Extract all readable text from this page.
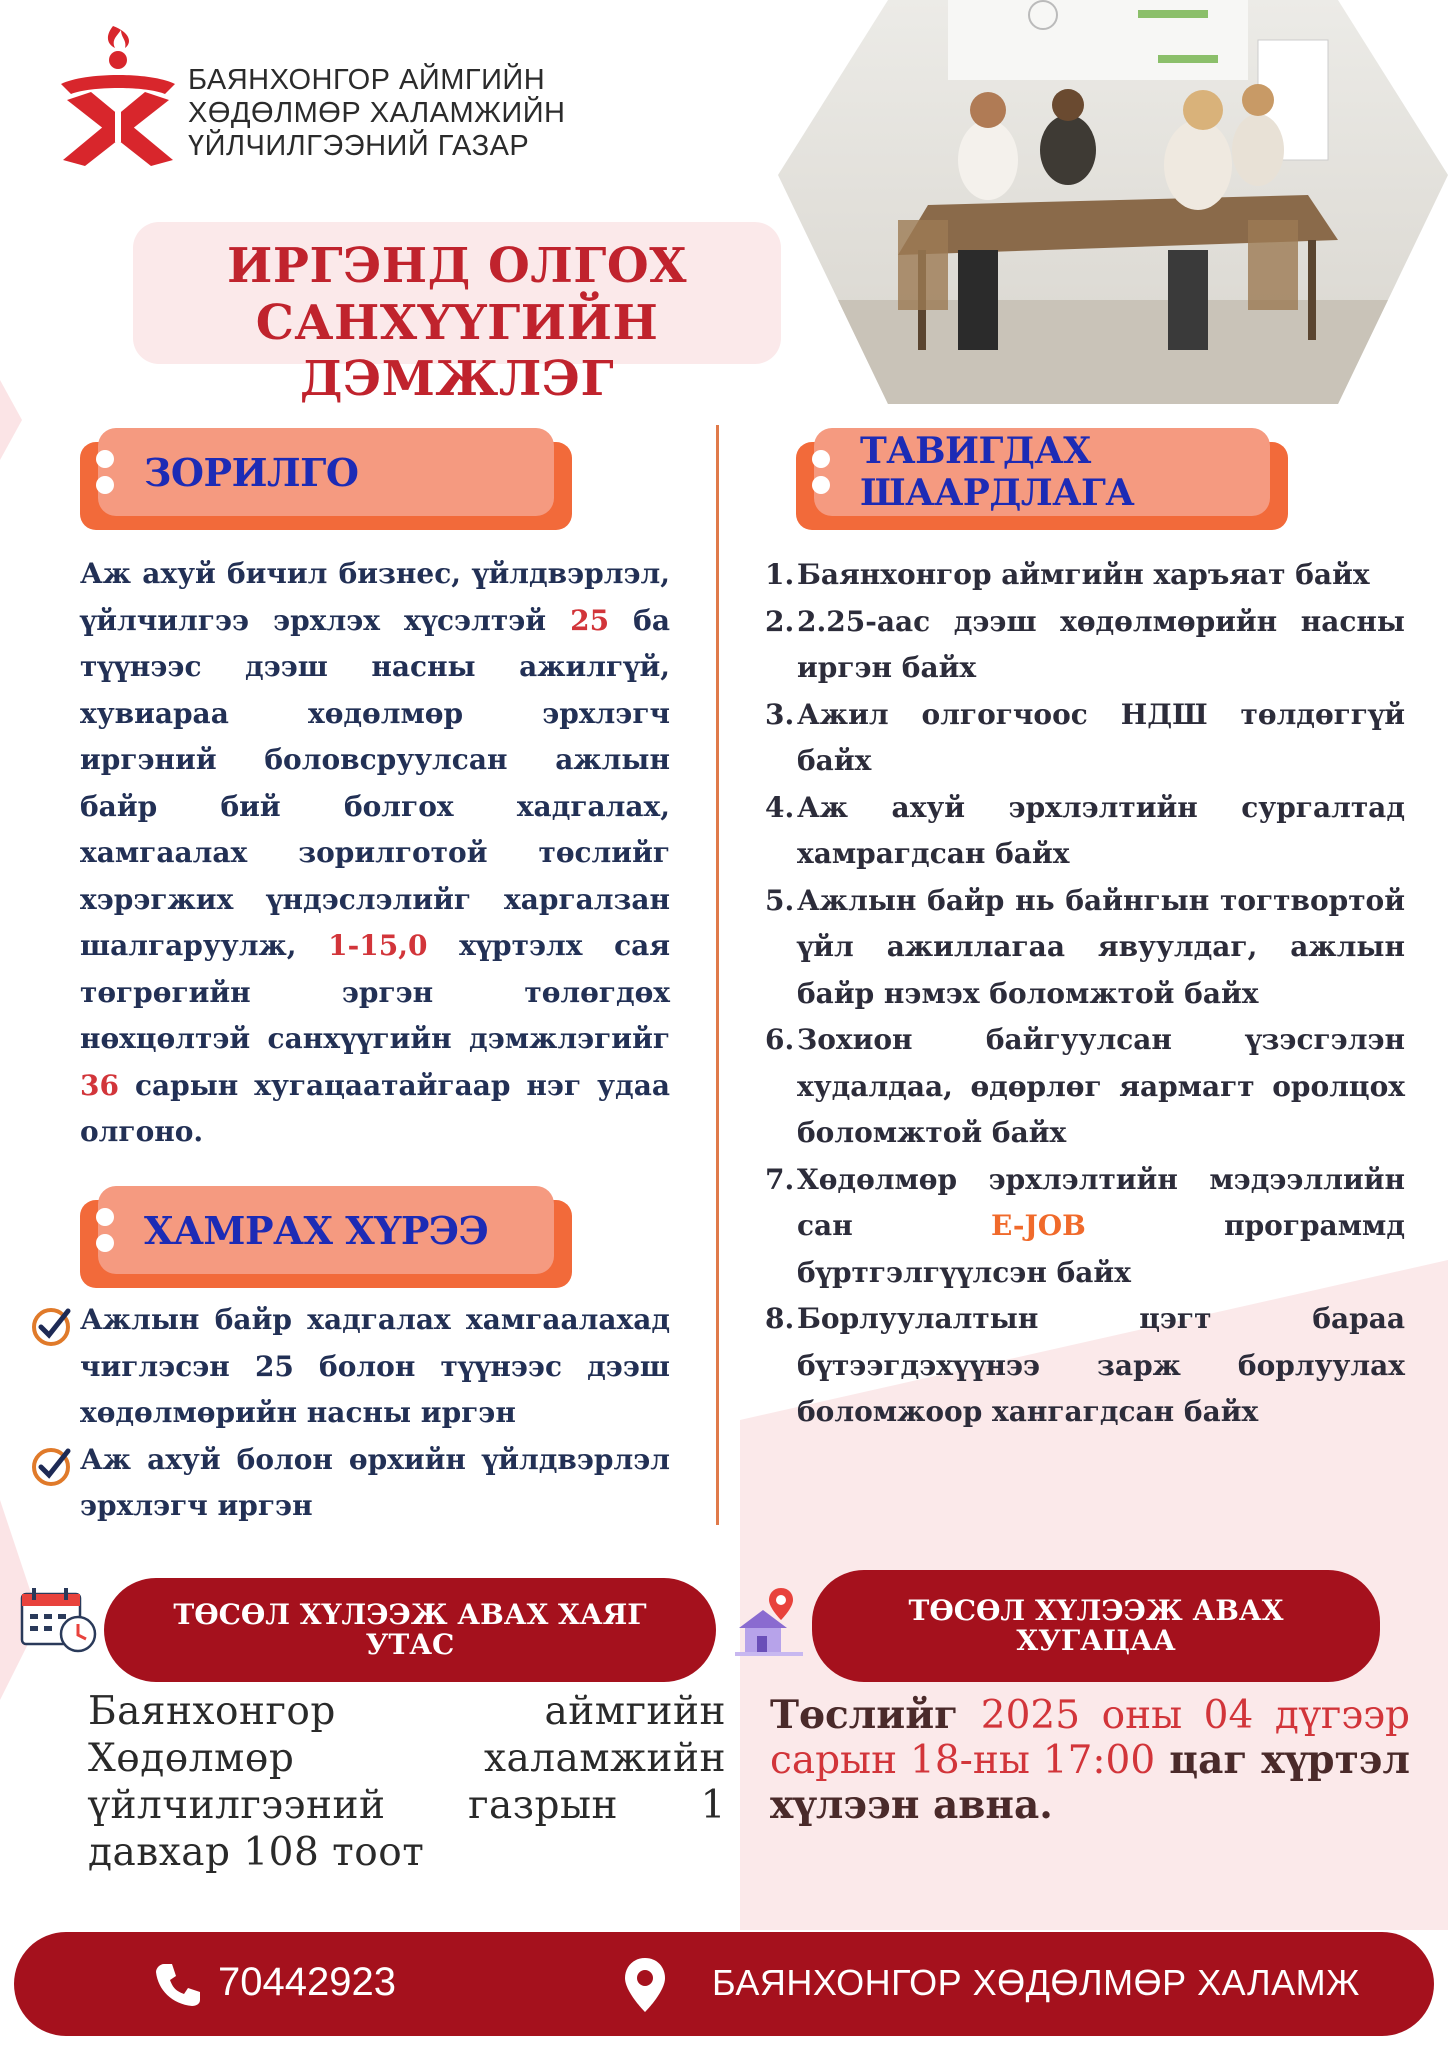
БАЯНХОНГОР АЙМГИЙН
ХӨДӨЛМӨР ХАЛАМЖИЙН
ҮЙЛЧИЛГЭЭНИЙ ГАЗАР
ИРГЭНД ОЛГОХ
САНХҮҮГИЙН ДЭМЖЛЭГ
ЗОРИЛГО
Аж ахуй бичил бизнес, үйлдвэрлэл, үйлчилгээ эрхлэх хүсэлтэй 25 ба түүнээс дээш насны ажилгүй, хувиараа хөдөлмөр эрхлэгч иргэний боловсруулсан ажлын байр бий болгох хадгалах, хамгаалах зорилготой төслийг хэрэгжих үндэслэлийг харгалзан шалгаруулж, 1-15,0 хүртэлх сая төгрөгийн эргэн төлөгдөх нөхцөлтэй санхүүгийн дэмжлэгийг 36 сарын хугацаатайгаар нэг удаа олгоно.
ХАМРАХ ХҮРЭЭ
Ажлын байр хадгалах хамгаалахад чиглэсэн 25 болон түүнээс дээш хөдөлмөрийн насны иргэн
Аж ахуй болон өрхийн үйлдвэрлэл эрхлэгч иргэн
ТАВИГДАХ ШААРДЛАГА
1. Баянхонгор аймгийн харъяат байх
2. 2.25-аас дээш хөдөлмөрийн насны иргэн байх
3. Ажил олгогчоос НДШ төлдөггүй байх
4. Аж ахуй эрхлэлтийн сургалтад хамрагдсан байх
5. Ажлын байр нь байнгын тогтвортой үйл ажиллагаа явуулдаг, ажлын байр нэмэх боломжтой байх
6. Зохион байгуулсан үзэсгэлэн худалдаа, өдөрлөг яармагт оролцох боломжтой байх
7. Хөдөлмөр эрхлэлтийн мэдээллийн сан E-JOB программд бүртгэлгүүлсэн байх
8. Борлуулалтын цэгт бараа бүтээгдэхүүнээ зарж борлуулах боломжоор хангагдсан байх
ТӨСӨЛ ХҮЛЭЭЖ АВАХ ХАЯГ УТАС
ТӨСӨЛ ХҮЛЭЭЖ АВАХ ХУГАЦАА
Баянхонгор аймгийн Хөдөлмөр халамжийн үйлчилгээний газрын 1 давхар 108 тоот
Төслийг 2025 оны 04 дүгээр сарын 18-ны 17:00 цаг хүртэл хүлээн авна.
70442923	БАЯНХОНГОР ХӨДӨЛМӨР ХАЛАМЖ
